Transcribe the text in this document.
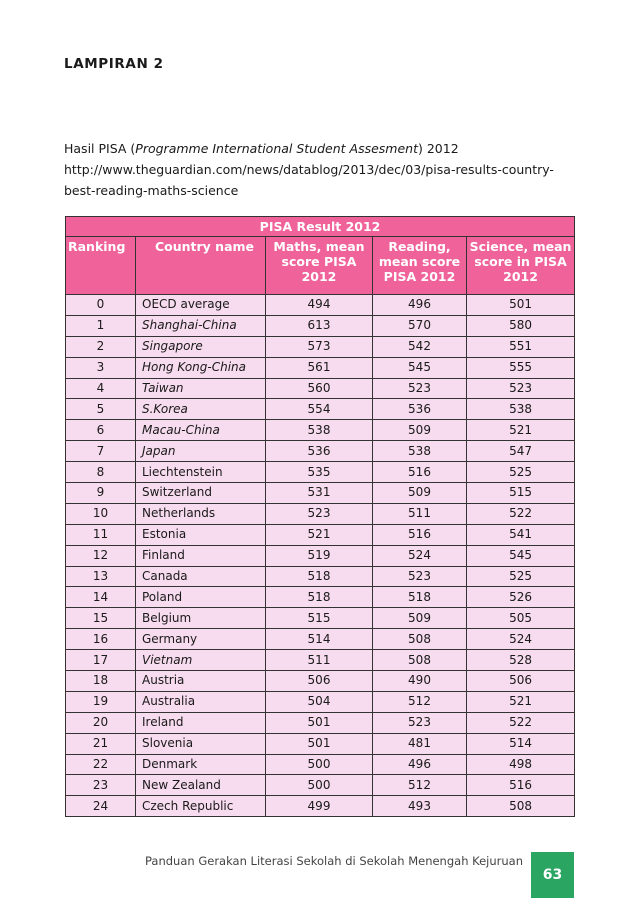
LAMPIRAN 2
Hasil PISA (Programme International Student Assesment) 2012
http://www.theguardian.com/news/datablog/2013/dec/03/pisa-results-country-
best-reading-maths-science
PISA Result 2012				
Ranking	Country name	Maths, mean score PISA 2012	Reading, mean score PISA 2012	Science, mean score in PISA 2012
0	OECD average	494	496	501
1	Shanghai-China	613	570	580
2	Singapore	573	542	551
3	Hong Kong-China	561	545	555
4	Taiwan	560	523	523
5	S.Korea	554	536	538
6	Macau-China	538	509	521
7	Japan	536	538	547
8	Liechtenstein	535	516	525
9	Switzerland	531	509	515
10	Netherlands	523	511	522
11	Estonia	521	516	541
12	Finland	519	524	545
13	Canada	518	523	525
14	Poland	518	518	526
15	Belgium	515	509	505
16	Germany	514	508	524
17	Vietnam	511	508	528
18	Austria	506	490	506
19	Australia	504	512	521
20	Ireland	501	523	522
21	Slovenia	501	481	514
22	Denmark	500	496	498
23	New Zealand	500	512	516
24	Czech Republic	499	493	508
Panduan Gerakan Literasi Sekolah di Sekolah Menengah Kejuruan
63
